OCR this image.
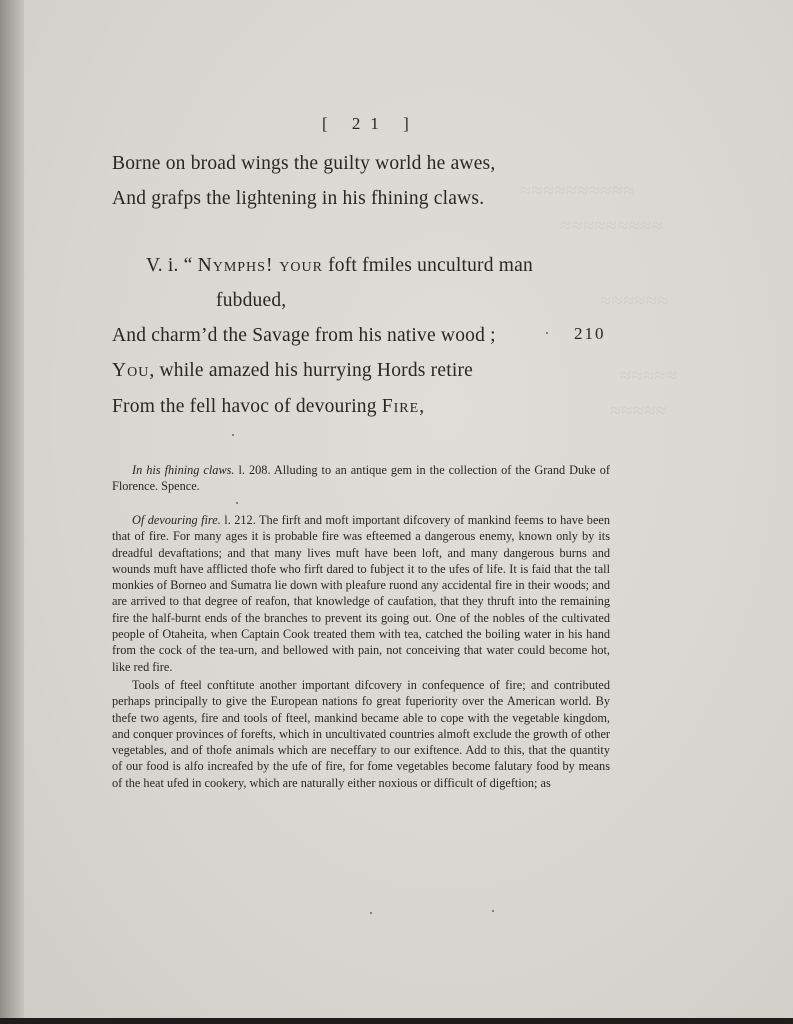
≈≈≈≈≈≈≈≈≈≈
≈≈≈≈≈≈≈≈≈
≈≈≈≈≈≈
≈≈≈≈≈
≈≈≈≈≈
[ 21 ]
Borne on broad wings the guilty world he awes,
And grafps the lightening in his fhining claws.
V. i. “ Nymphs! your foft fmiles unculturd man
fubdued,
And charm’d the Savage from his native wood ;	210
You, while amazed his hurrying Hords retire
From the fell havoc of devouring Fire,

In his fhining claws. l. 208. Alluding to an antique gem in the collection of the Grand Duke of Florence. Spence.

Of devouring fire. l. 212. The firft and moft important difcovery of mankind feems to have been that of fire. For many ages it is probable fire was efteemed a dangerous enemy, known only by its dreadful devaftations; and that many lives muft have been loft, and many dangerous burns and wounds muft have afflicted thofe who firft dared to fubject it to the ufes of life. It is faid that the tall monkies of Borneo and Sumatra lie down with pleafure ruond any accidental fire in their woods; and are arrived to that degree of reafon, that knowledge of caufation, that they thruft into the remaining fire the half-burnt ends of the branches to prevent its going out. One of the nobles of the cultivated people of Otaheita, when Captain Cook treated them with tea, catched the boiling water in his hand from the cock of the tea-urn, and bellowed with pain, not conceiving that water could become hot, like red fire.

Tools of fteel conftitute another important difcovery in confequence of fire; and contributed perhaps principally to give the European nations fo great fuperiority over the American world. By thefe two agents, fire and tools of fteel, mankind became able to cope with the vegetable kingdom, and conquer provinces of forefts, which in uncultivated countries almoft exclude the growth of other vegetables, and of thofe animals which are neceffary to our exiftence. Add to this, that the quantity of our food is alfo increafed by the ufe of fire, for fome vegetables become falutary food by means of the heat ufed in cookery, which are naturally either noxious or difficult of digeftion; as
